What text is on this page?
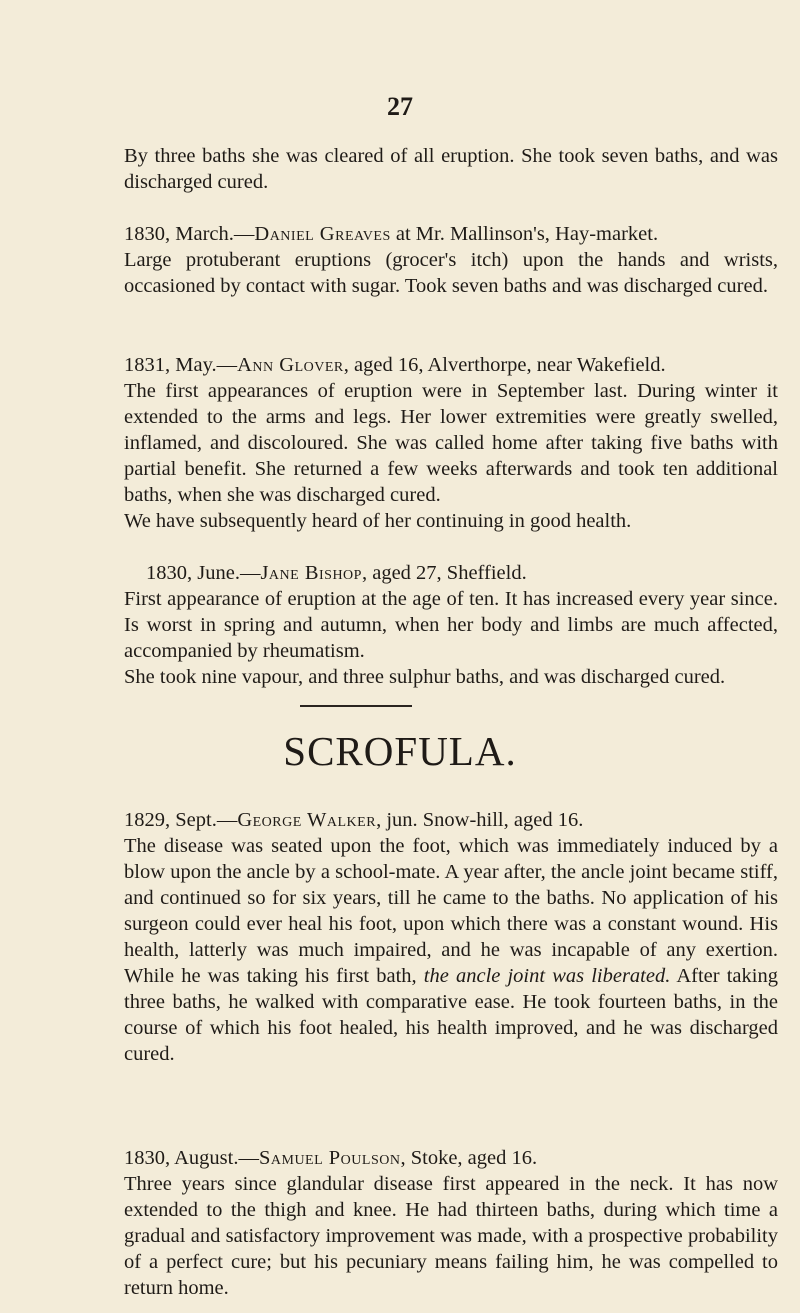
27

By three baths she was cleared of all eruption. She took seven baths, and was discharged cured.

1830, March.—Daniel Greaves at Mr. Mallinson's, Hay-market.

Large protuberant eruptions (grocer's itch) upon the hands and wrists, occasioned by contact with sugar. Took seven baths and was discharged cured.

1831, May.—Ann Glover, aged 16, Alverthorpe, near Wakefield.

The first appearances of eruption were in September last. During winter it extended to the arms and legs. Her lower extremities were greatly swelled, inflamed, and discoloured. She was called home after taking five baths with partial benefit. She returned a few weeks afterwards and took ten additional baths, when she was discharged cured.

We have subsequently heard of her continuing in good health.

1830, June.—Jane Bishop, aged 27, Sheffield.

First appearance of eruption at the age of ten. It has increased every year since. Is worst in spring and autumn, when her body and limbs are much affected, accompanied by rheumatism.

She took nine vapour, and three sulphur baths, and was discharged cured.

SCROFULA.

1829, Sept.—George Walker, jun. Snow-hill, aged 16.

The disease was seated upon the foot, which was immediately induced by a blow upon the ancle by a school-mate. A year after, the ancle joint became stiff, and continued so for six years, till he came to the baths. No application of his surgeon could ever heal his foot, upon which there was a constant wound. His health, latterly was much impaired, and he was incapable of any exertion. While he was taking his first bath, the ancle joint was liberated. After taking three baths, he walked with comparative ease. He took fourteen baths, in the course of which his foot healed, his health improved, and he was discharged cured.

1830, August.—Samuel Poulson, Stoke, aged 16.

Three years since glandular disease first appeared in the neck. It has now extended to the thigh and knee. He had thirteen baths, during which time a gradual and satisfactory improvement was made, with a prospective probability of a perfect cure; but his pecuniary means failing him, he was compelled to return home.
